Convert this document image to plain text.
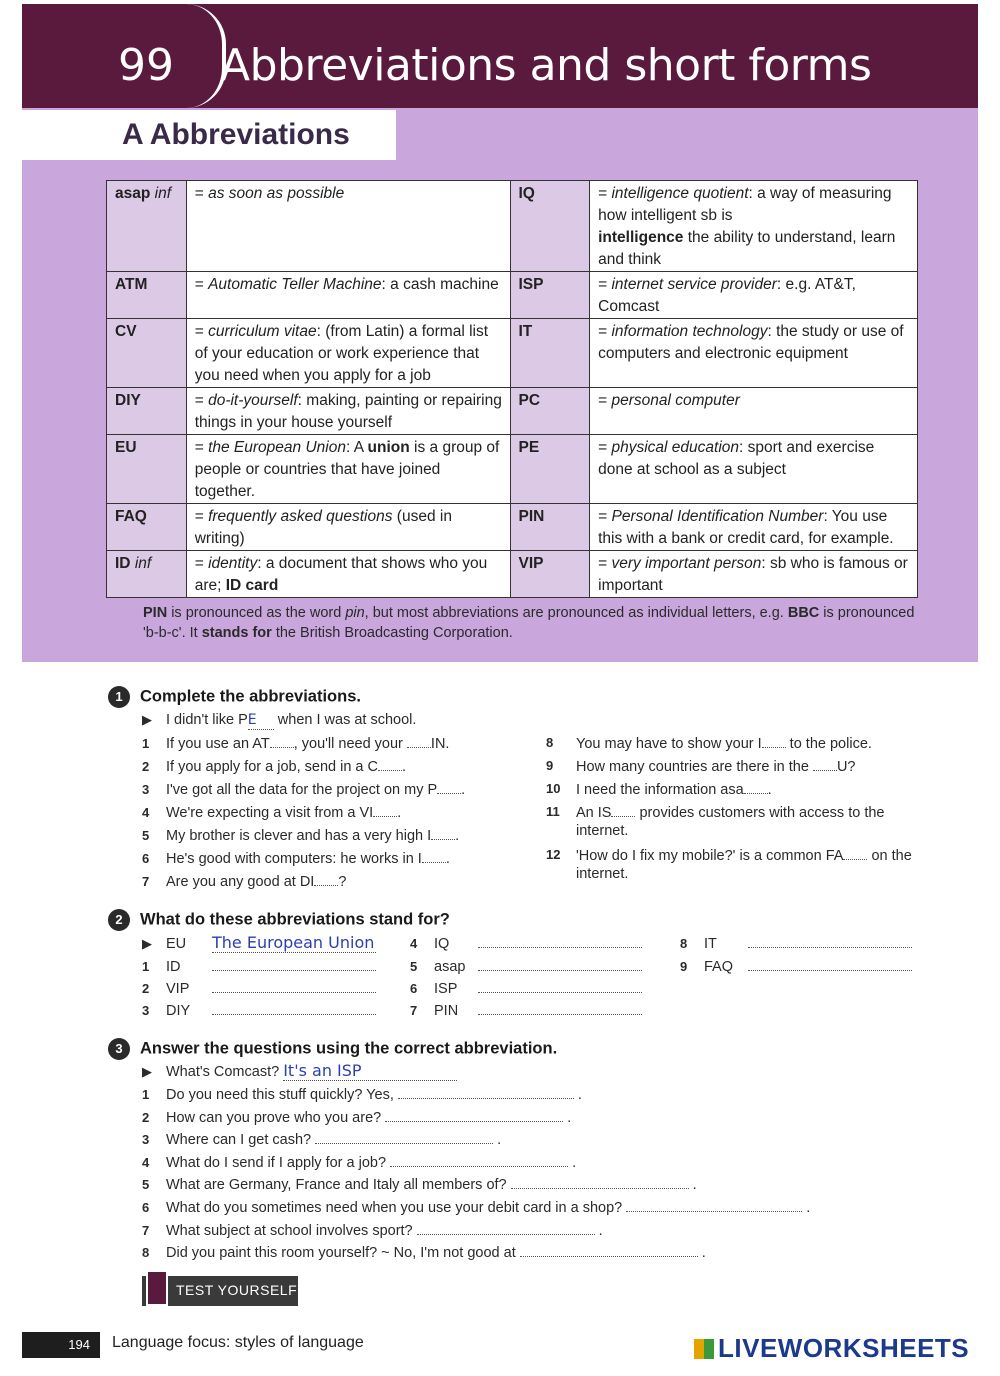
99 Abbreviations and short forms
A Abbreviations
asap inf	= as soon as possible	IQ	= intelligence quotient: a way of measuring how intelligent sb is
intelligence the ability to understand, learn and think
ATM	= Automatic Teller Machine: a cash machine	ISP	= internet service provider: e.g. AT&T, Comcast
CV	= curriculum vitae: (from Latin) a formal list of your education or work experience that you need when you apply for a job	IT	= information technology: the study or use of computers and electronic equipment
DIY	= do-it-yourself: making, painting or repairing things in your house yourself	PC	= personal computer
EU	= the European Union: A union is a group of people or countries that have joined together.	PE	= physical education: sport and exercise done at school as a subject
FAQ	= frequently asked questions (used in writing)	PIN	= Personal Identification Number: You use this with a bank or credit card, for example.
ID inf	= identity: a document that shows who you are; ID card	VIP	= very important person: sb who is famous or important
PIN is pronounced as the word pin, but most abbreviations are pronounced as individual letters, e.g. BBC is pronounced 'b-b-c'. It stands for the British Broadcasting Corporation.
1 Complete the abbreviations.
▶ I didn't like PE when I was at school.
1 If you use an AT , you'll need your IN.
2 If you apply for a job, send in a C .
3 I've got all the data for the project on my P .
4 We're expecting a visit from a VI .
5 My brother is clever and has a very high I .
6 He's good with computers: he works in I .
7 Are you any good at DI ?
8 You may have to show your I to the police.
9 How many countries are there in the U?
10 I need the information asa .
11 An IS provides customers with access to the internet.
12 'How do I fix my mobile?' is a common FA on the internet.
2 What do these abbreviations stand for?
▶ EU The European Union
1 ID
2 VIP
3 DIY
4 IQ
5 asap
6 ISP
7 PIN
8 IT
9 FAQ
3 Answer the questions using the correct abbreviation.
▶ What's Comcast? It's an ISP
1 Do you need this stuff quickly? Yes,	.
2 How can you prove who you are?	.
3 Where can I get cash?	.
4 What do I send if I apply for a job?	.
5 What are Germany, France and Italy all members of?	.
6 What do you sometimes need when you use your debit card in a shop?	.
7 What subject at school involves sport?	.
8 Did you paint this room yourself? ~ No, I'm not good at	.
TEST YOURSELF
194	Language focus: styles of language	LIVEWORKSHEETS
